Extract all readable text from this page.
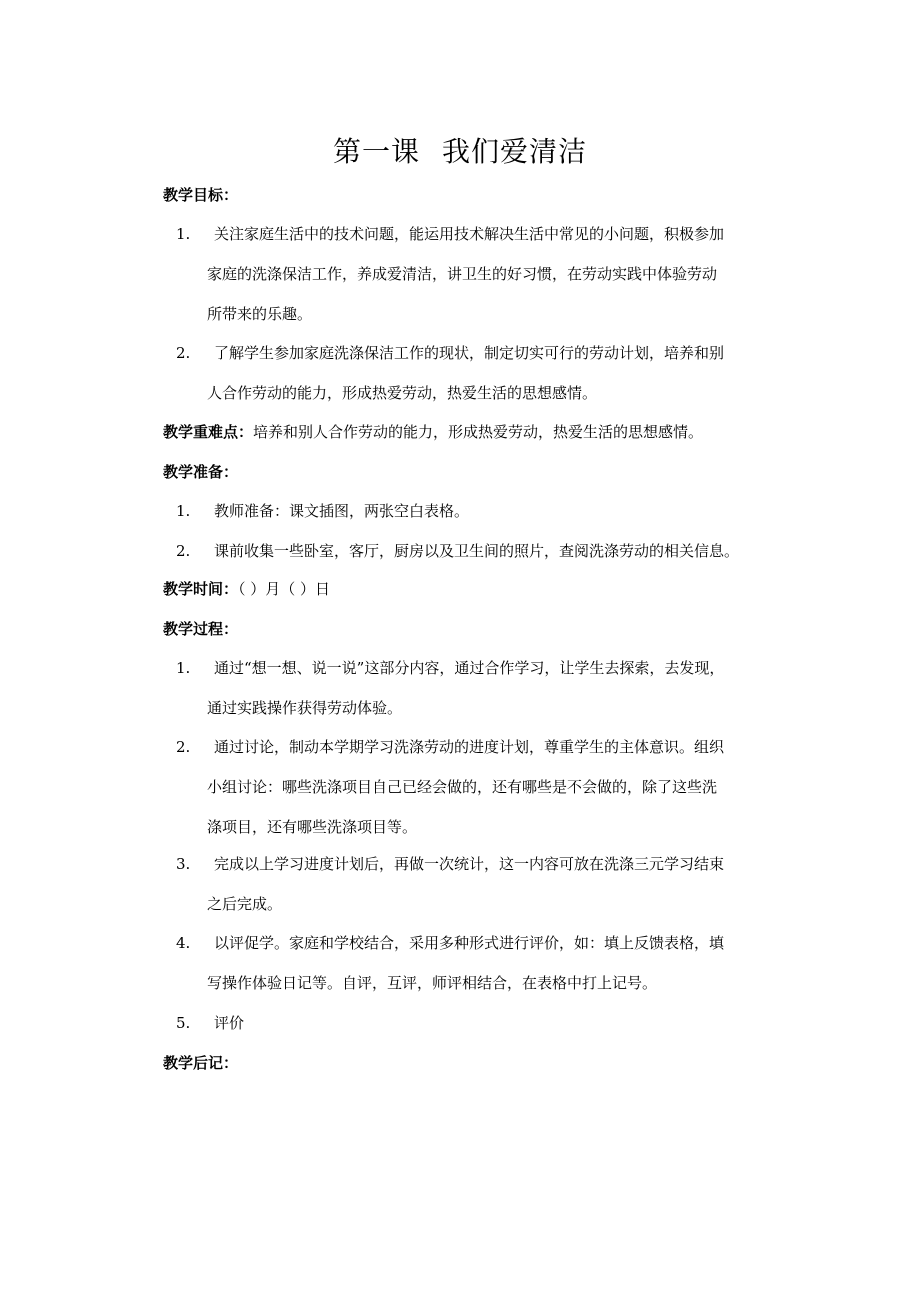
第一课 我们爱清洁
教学目标：
1.	关注家庭生活中的技术问题，能运用技术解决生活中常见的小问题，积极参加
家庭的洗涤保洁工作，养成爱清洁，讲卫生的好习惯，在劳动实践中体验劳动
所带来的乐趣。
2.	了解学生参加家庭洗涤保洁工作的现状，制定切实可行的劳动计划，培养和别
人合作劳动的能力，形成热爱劳动，热爱生活的思想感情。
教学重难点：培养和别人合作劳动的能力，形成热爱劳动，热爱生活的思想感情。
教学准备：
1.	教师准备：课文插图，两张空白表格。
2.	课前收集一些卧室，客厅，厨房以及卫生间的照片，查阅洗涤劳动的相关信息。
教学时间：（ ）月（ ）日
教学过程：
1.	通过“想一想、说一说”这部分内容，通过合作学习，让学生去探索，去发现，
通过实践操作获得劳动体验。
2.	通过讨论，制动本学期学习洗涤劳动的进度计划，尊重学生的主体意识。组织
小组讨论：哪些洗涤项目自己已经会做的，还有哪些是不会做的，除了这些洗
涤项目，还有哪些洗涤项目等。
3.	完成以上学习进度计划后，再做一次统计，这一内容可放在洗涤三元学习结束
之后完成。
4.	以评促学。家庭和学校结合，采用多种形式进行评价，如：填上反馈表格，填
写操作体验日记等。自评，互评，师评相结合，在表格中打上记号。
5.	评价
教学后记：
